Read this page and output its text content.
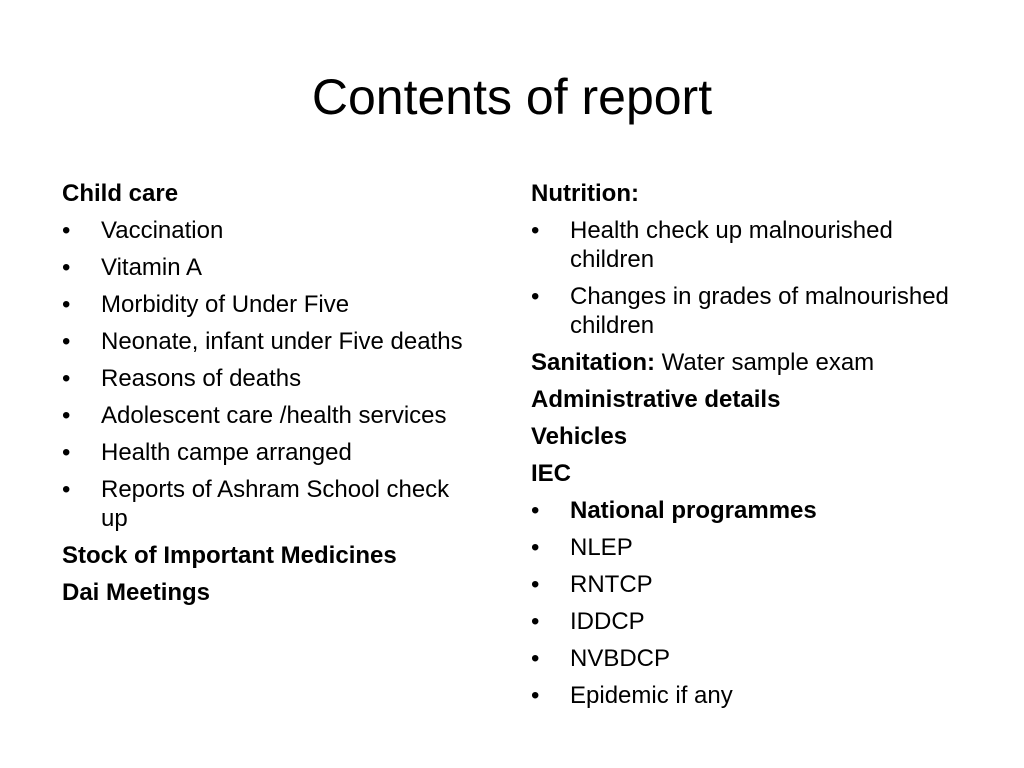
Contents of report
Child care
•	Vaccination
•	Vitamin A
•	Morbidity of Under Five
•	Neonate, infant under Five deaths
•	Reasons of deaths
•	Adolescent care /health services
•	Health campe arranged
•	Reports of Ashram School check up
Stock of Important Medicines
Dai Meetings
Nutrition:
•	Health check up malnourished children
•	Changes in grades of malnourished children
Sanitation: Water sample exam
Administrative details
Vehicles
IEC
•	National programmes
•	NLEP
•	RNTCP
•	IDDCP
•	NVBDCP
•	Epidemic if any
